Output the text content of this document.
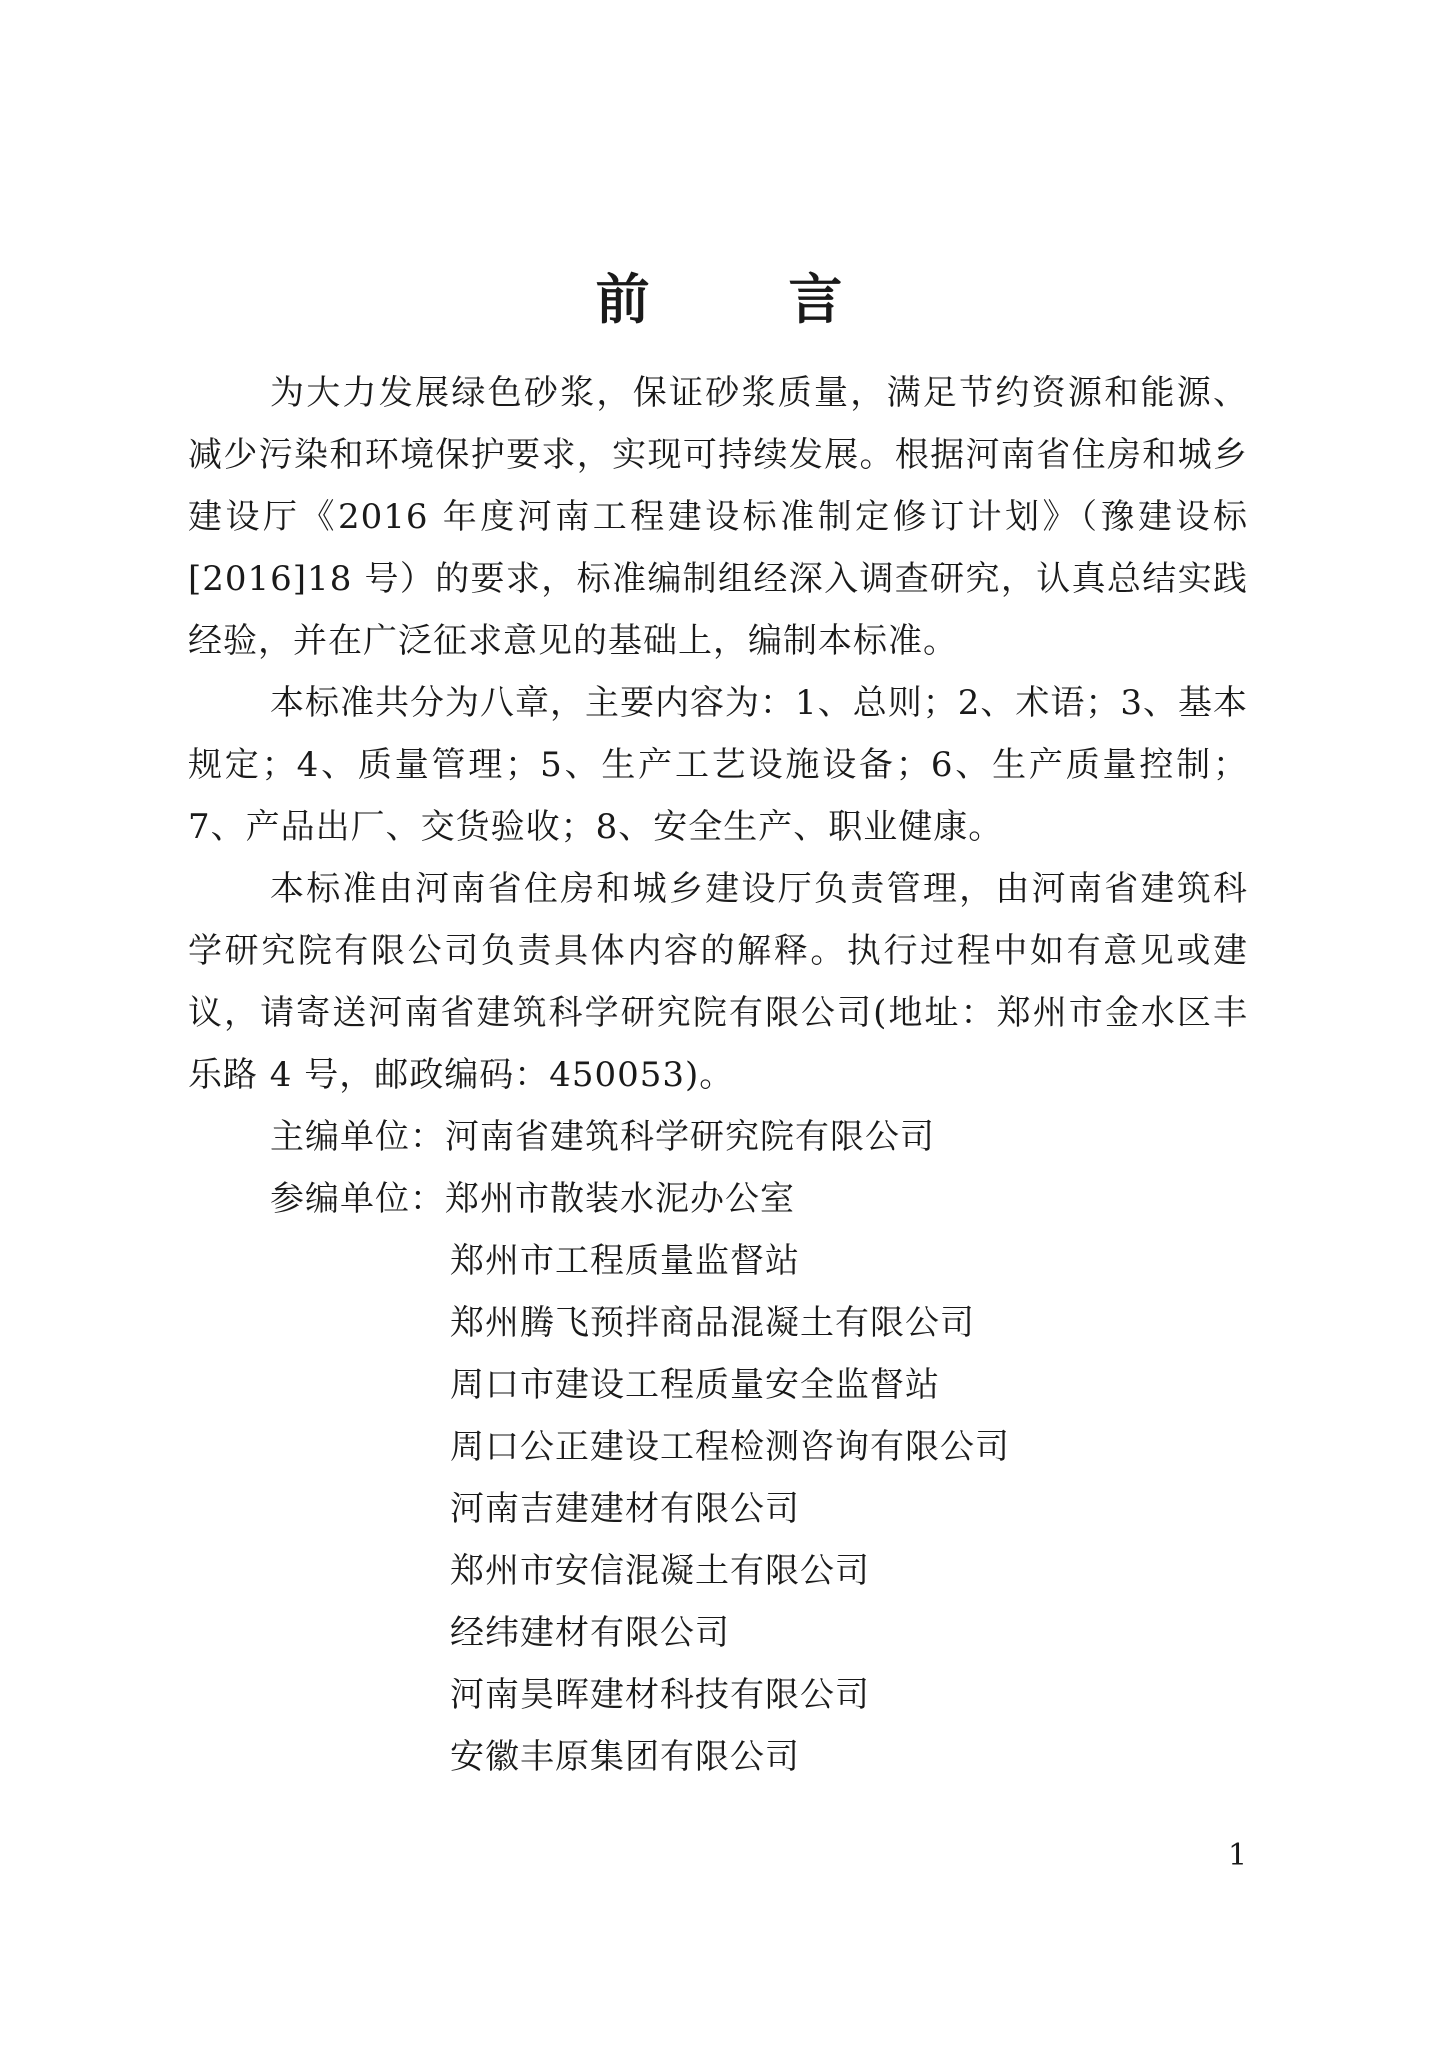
前 言

为大力发展绿色砂浆，保证砂浆质量，满足节约资源和能源、减少污染和环境保护要求，实现可持续发展。根据河南省住房和城乡建设厅《2016 年度河南工程建设标准制定修订计划》（豫建设标[2016]18 号）的要求，标准编制组经深入调查研究，认真总结实践经验，并在广泛征求意见的基础上，编制本标准。

本标准共分为八章，主要内容为：1、总则；2、术语；3、基本规定；4、质量管理；5、生产工艺设施设备；6、生产质量控制；7、产品出厂、交货验收；8、安全生产、职业健康。

本标准由河南省住房和城乡建设厅负责管理，由河南省建筑科学研究院有限公司负责具体内容的解释。执行过程中如有意见或建议，请寄送河南省建筑科学研究院有限公司(地址：郑州市金水区丰乐路 4 号，邮政编码：450053)。

主编单位：河南省建筑科学研究院有限公司

参编单位：郑州市散装水泥办公室

郑州市工程质量监督站
郑州腾飞预拌商品混凝土有限公司
周口市建设工程质量安全监督站
周口公正建设工程检测咨询有限公司
河南吉建建材有限公司
郑州市安信混凝土有限公司
经纬建材有限公司
河南昊晖建材科技有限公司
安徽丰原集团有限公司
1
